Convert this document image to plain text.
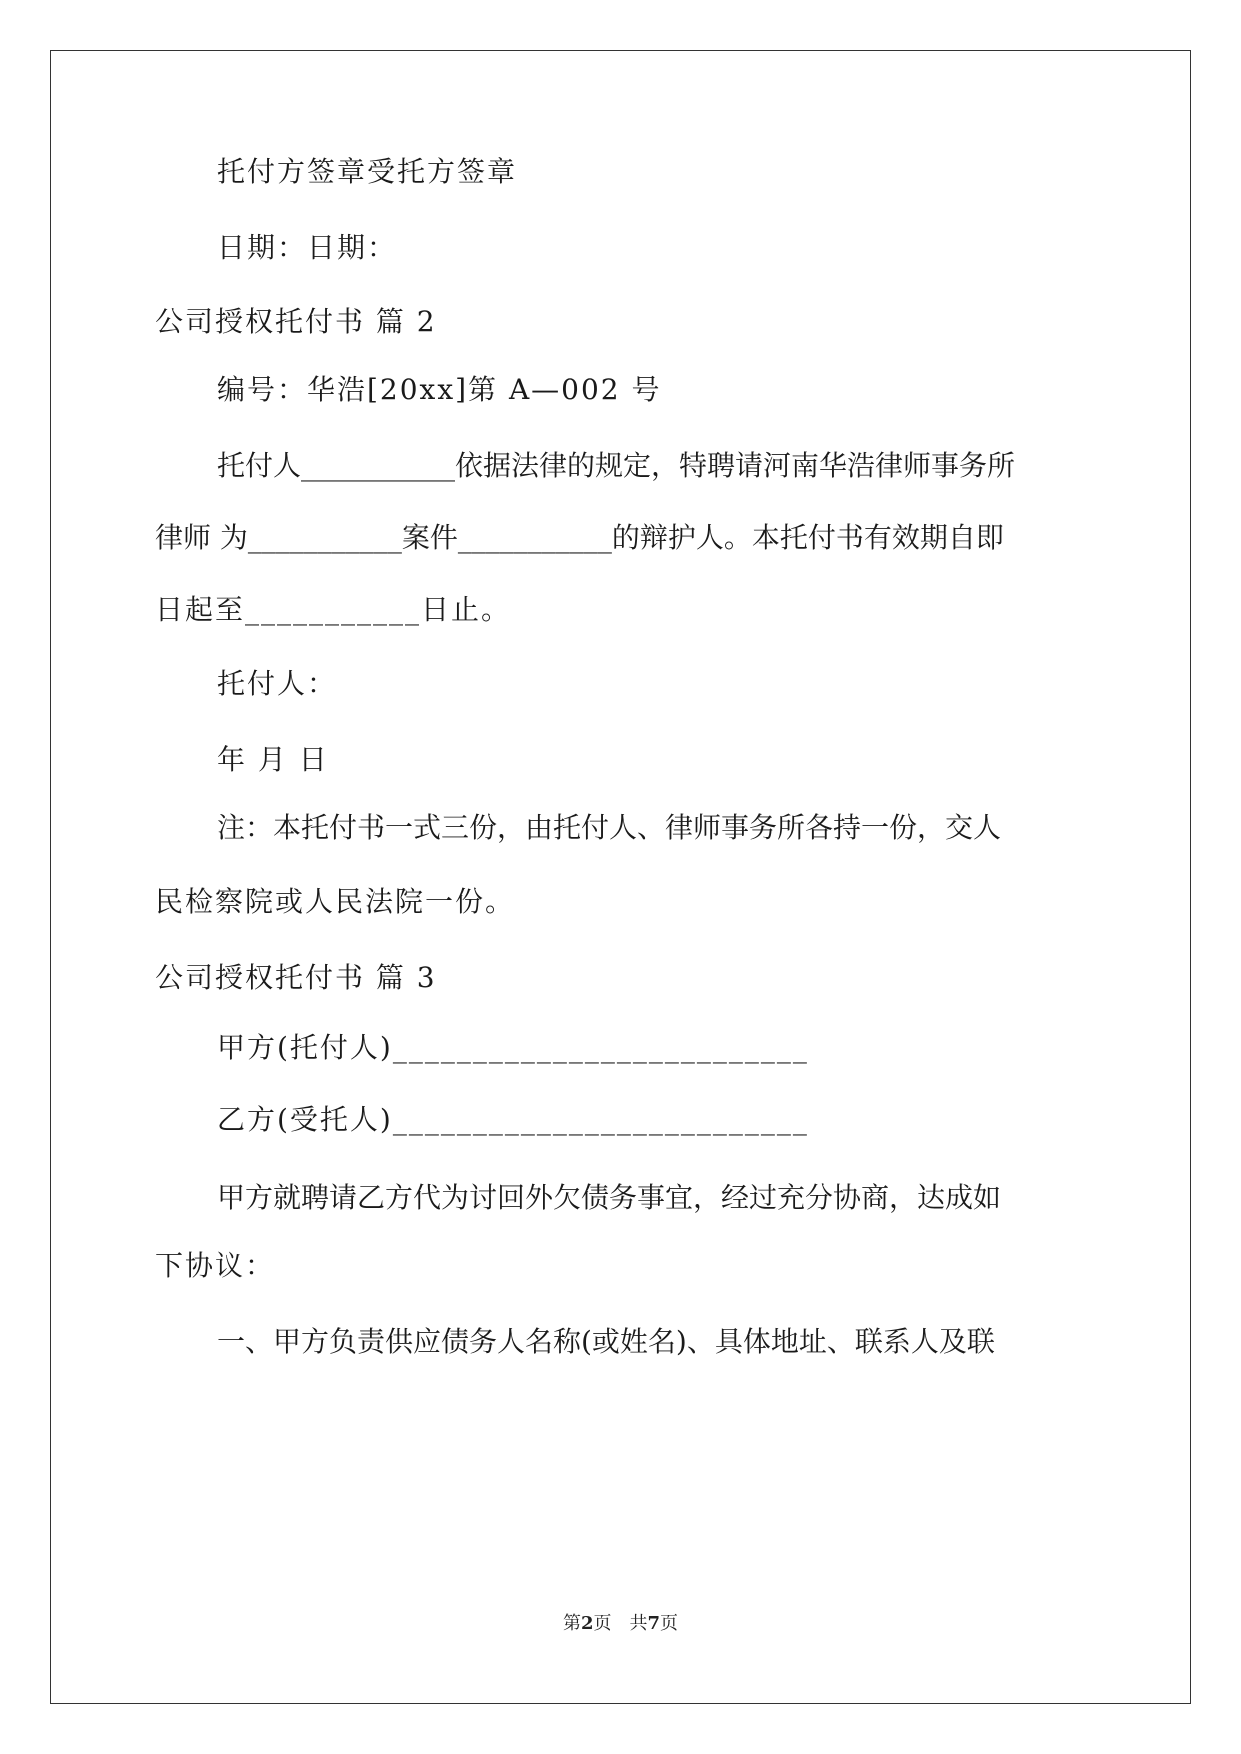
托付方签章受托方签章
日期：日期：
公司授权托付书 篇 2
编号：华浩[20xx]第 A—002 号
托付人___________依据法律的规定，特聘请河南华浩律师事务所
律师 为___________案件___________的辩护人。本托付书有效期自即
日起至___________日止。
托付人：
年 月 日
注：本托付书一式三份，由托付人、律师事务所各持一份，交人
民检察院或人民法院一份。
公司授权托付书 篇 3
甲方(托付人)__________________________
乙方(受托人)__________________________
甲方就聘请乙方代为讨回外欠债务事宜，经过充分协商，达成如
下协议：
一、甲方负责供应债务人名称(或姓名)、具体地址、联系人及联
第2页　共7页
